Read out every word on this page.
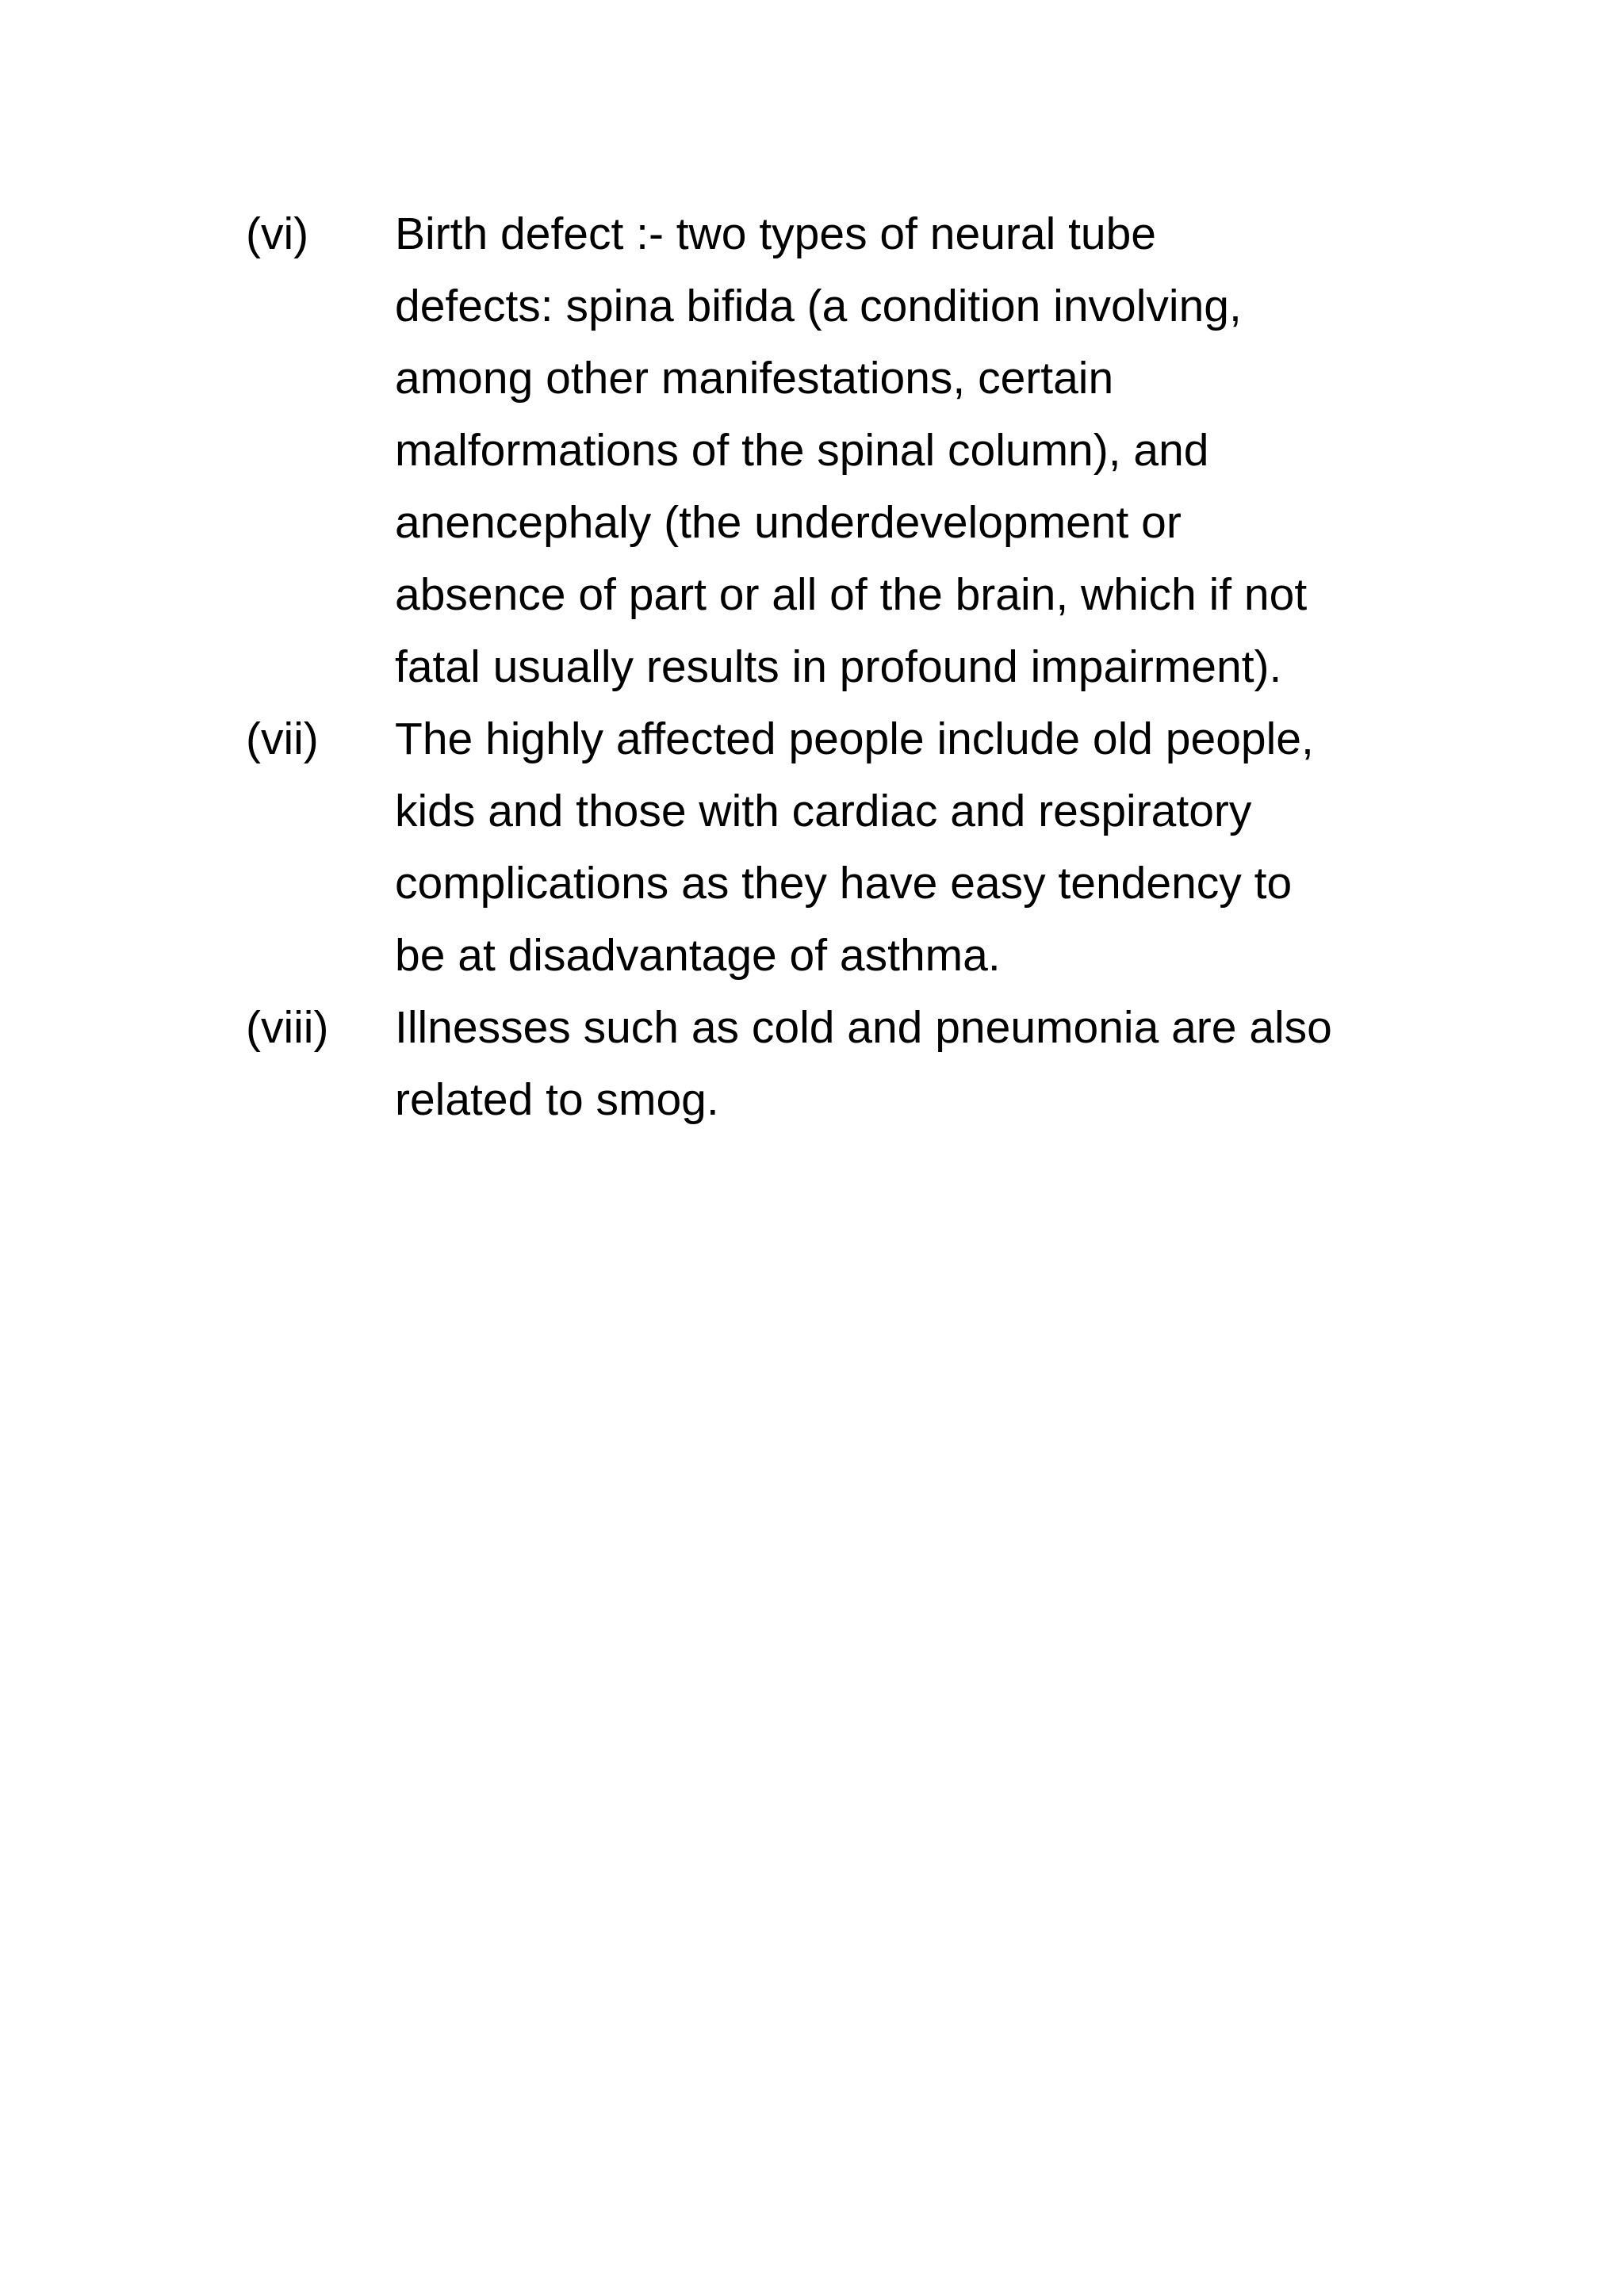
(vi)	Birth defect :- two types of neural tube
defects: spina bifida (a condition involving,
among other manifestations, certain
malformations of the spinal column), and
anencephaly (the underdevelopment or
absence of part or all of the brain, which if not
fatal usually results in profound impairment).
(vii)	The highly affected people include old people,
kids and those with cardiac and respiratory
complications as they have easy tendency to
be at disadvantage of asthma.
(viii)	Illnesses such as cold and pneumonia are also
related to smog.
